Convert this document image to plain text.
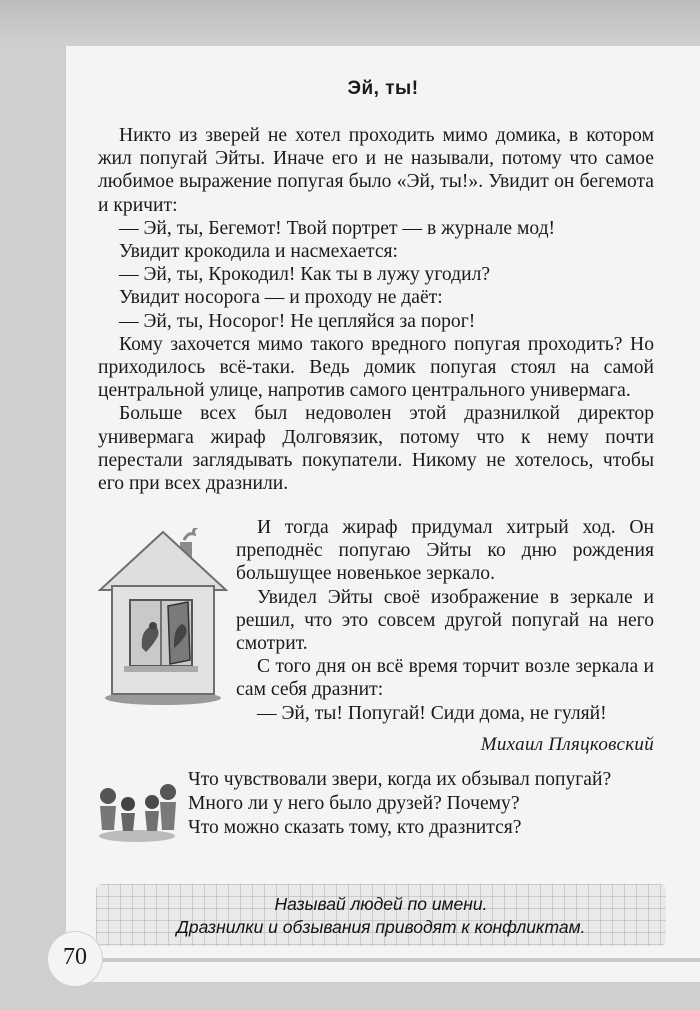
Эй, ты!

Никто из зверей не хотел проходить мимо домика, в котором жил попугай Эйты. Иначе его и не называли, потому что самое любимое выражение попугая было «Эй, ты!». Увидит он бегемота и кричит:

— Эй, ты, Бегемот! Твой портрет — в журнале мод!

Увидит крокодила и насмехается:

— Эй, ты, Крокодил! Как ты в лужу угодил?

Увидит носорога — и проходу не даёт:

— Эй, ты, Носорог! Не цепляйся за порог!

Кому захочется мимо такого вредного попугая проходить? Но приходилось всё-таки. Ведь домик попугая стоял на самой центральной улице, напротив самого центрального универмага.

Больше всех был недоволен этой дразнилкой директор универмага жираф Долговязик, потому что к нему почти перестали заглядывать покупатели. Никому не хотелось, чтобы его при всех дразнили.

И тогда жираф придумал хитрый ход. Он преподнёс попугаю Эйты ко дню рождения большущее новенькое зеркало.

Увидел Эйты своё изображение в зеркале и решил, что это совсем другой попугай на него смотрит.

С того дня он всё время торчит возле зеркала и сам себя дразнит:

— Эй, ты! Попугай! Сиди дома, не гуляй!

Михаил Пляцковский

Что чувствовали звери, когда их обзывал попугай?

Много ли у него было друзей? Почему?

Что можно сказать тому, кто дразнится?

Называй людей по имени.
Дразнилки и обзывания приводят к конфликтам.
70
